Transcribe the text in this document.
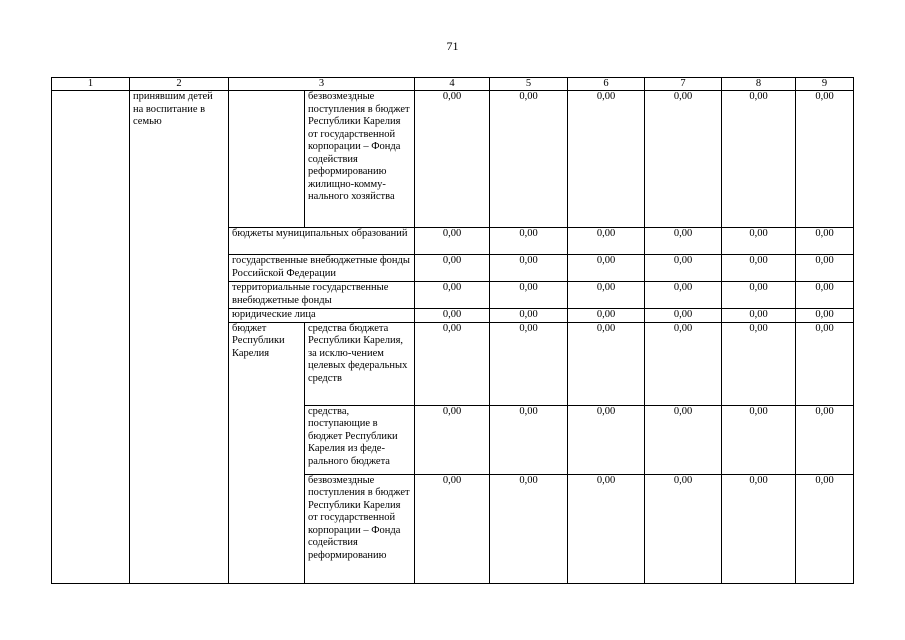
71
1	2	3		4	5	6	7	8	9

	принявшим детей на воспитание в семью		безвозмездные поступления в бюджет Республики Карелия от государственной корпорации – Фонда содействия реформированию жилищно-комму-нального хозяйства	0,00	0,00	0,00	0,00	0,00	0,00

		бюджеты муниципальных образований		0,00	0,00	0,00	0,00	0,00	0,00

		государственные внебюджетные фонды Российской Федерации		0,00	0,00	0,00	0,00	0,00	0,00

		территориальные государственные внебюджетные фонды		0,00	0,00	0,00	0,00	0,00	0,00

		юридические лица		0,00	0,00	0,00	0,00	0,00	0,00

		бюджет Республики Карелия	средства бюджета Республики Карелия, за исклю-чением целевых федеральных средств	0,00	0,00	0,00	0,00	0,00	0,00

			средства, поступающие в бюджет Республики Карелия из феде-рального бюджета	0,00	0,00	0,00	0,00	0,00	0,00

			безвозмездные поступления в бюджет Республики Карелия от государственной корпорации – Фонда содействия реформированию	0,00	0,00	0,00	0,00	0,00	0,00
